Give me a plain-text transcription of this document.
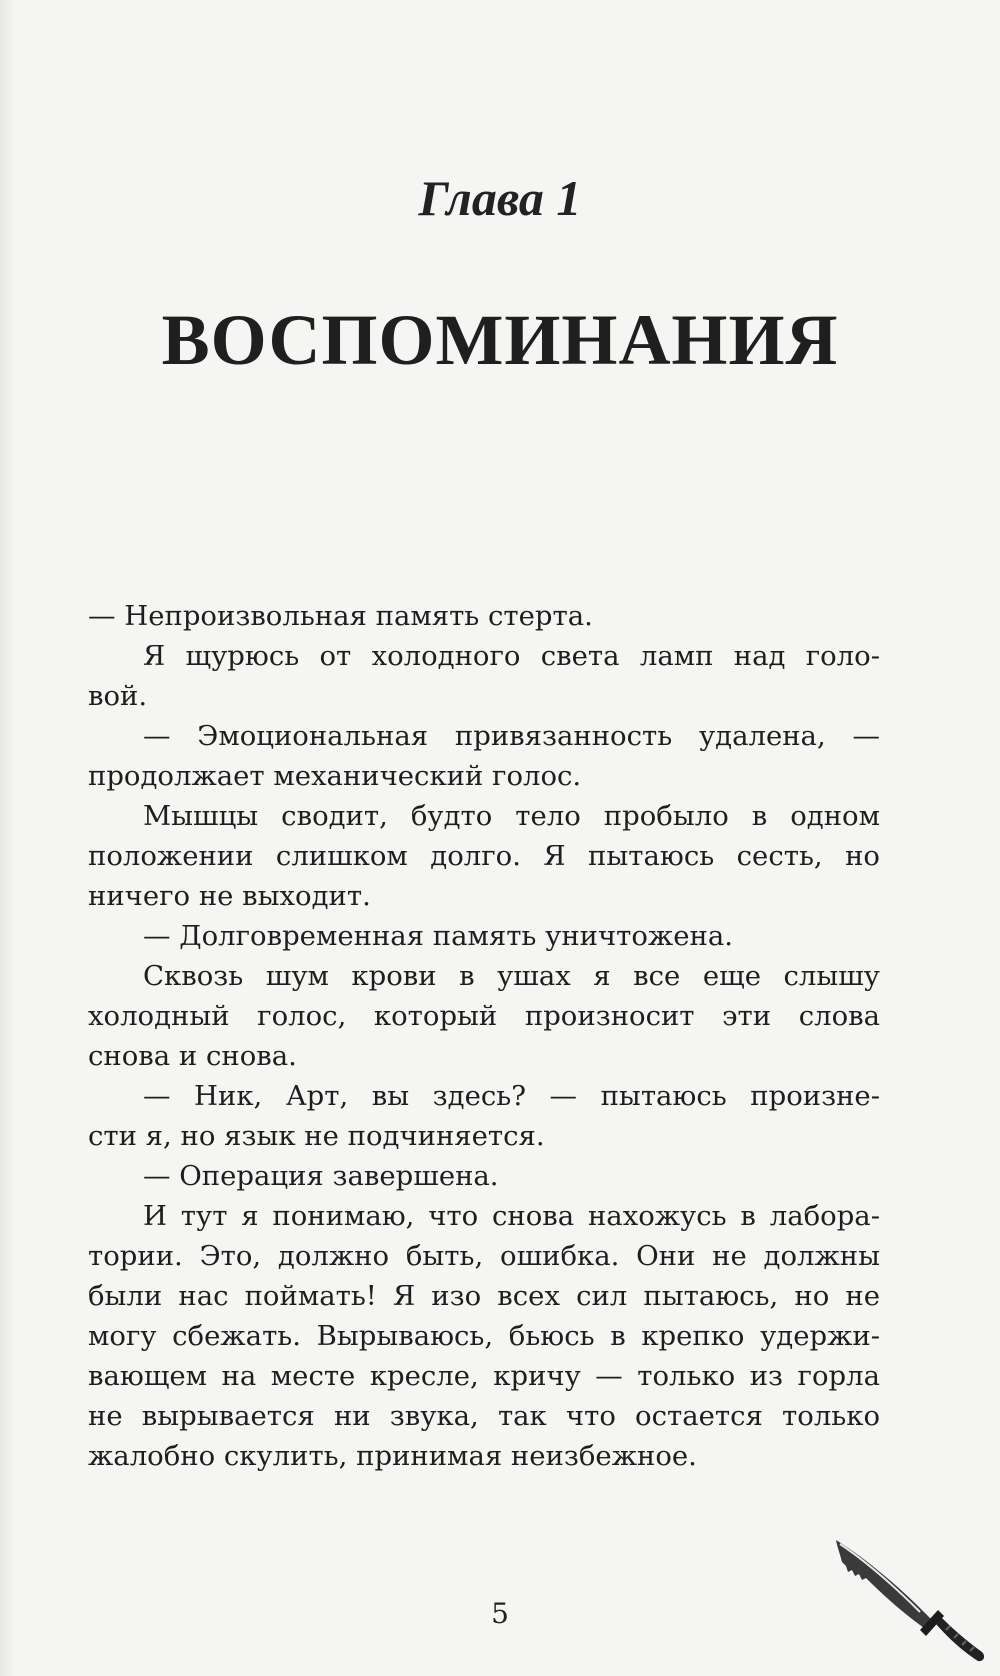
Глава 1
ВОСПОМИНАНИЯ
— Непроизвольная память стерта.
Я щурюсь от холодного света ламп над голо-
вой.
— Эмоциональная привязанность удалена, —
продолжает механический голос.
Мышцы сводит, будто тело пробыло в одном
положении слишком долго. Я пытаюсь сесть, но
ничего не выходит.
— Долговременная память уничтожена.
Сквозь шум крови в ушах я все еще слышу
холодный голос, который произносит эти слова
снова и снова.
— Ник, Арт, вы здесь? — пытаюсь произне-
сти я, но язык не подчиняется.
— Операция завершена.
И тут я понимаю, что снова нахожусь в лабора-
тории. Это, должно быть, ошибка. Они не должны
были нас поймать! Я изо всех сил пытаюсь, но не
могу сбежать. Вырываюсь, бьюсь в крепко удержи-
вающем на месте кресле, кричу — только из горла
не вырывается ни звука, так что остается только
жалобно скулить, принимая неизбежное.
5
